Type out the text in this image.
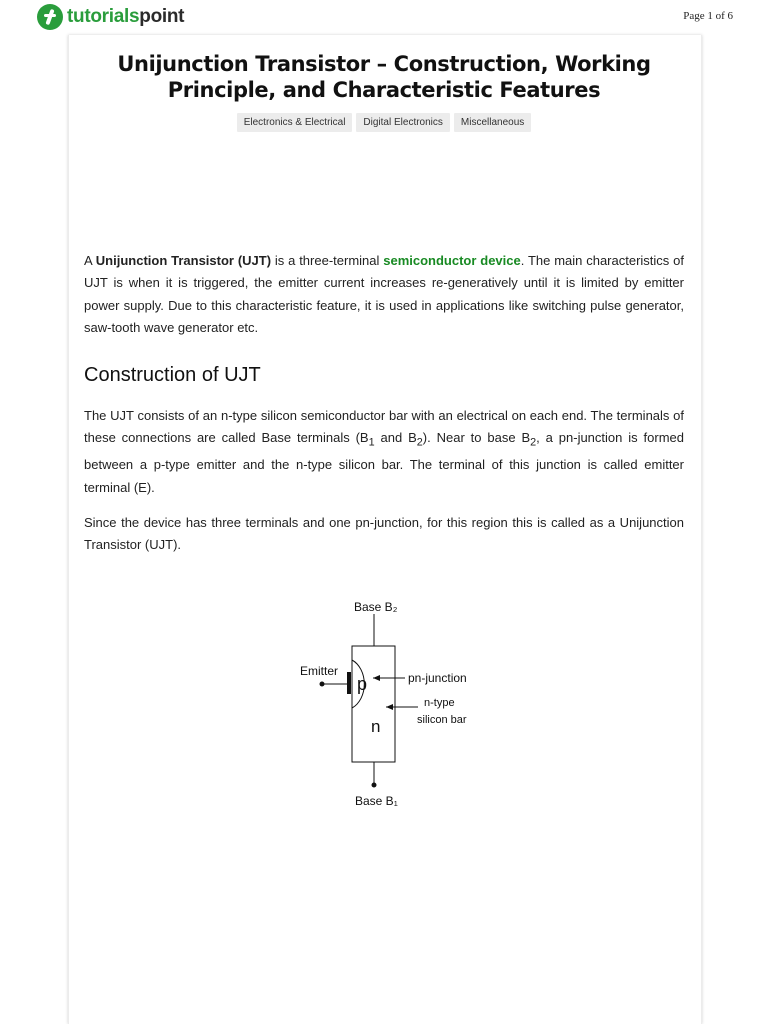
tutorialspoint	Page 1 of 6
Unijunction Transistor – Construction, Working Principle, and Characteristic Features
Electronics & Electrical	Digital Electronics	Miscellaneous
A Unijunction Transistor (UJT) is a three-terminal semiconductor device. The main characteristics of UJT is when it is triggered, the emitter current increases re-generatively until it is limited by emitter power supply. Due to this characteristic feature, it is used in applications like switching pulse generator, saw-tooth wave generator etc.
Construction of UJT
The UJT consists of an n-type silicon semiconductor bar with an electrical on each end. The terminals of these connections are called Base terminals ($B_1$ and $B_2$). Near to base $B_2$, a pn-junction is formed between a p-type emitter and the n-type silicon bar. The terminal of this junction is called emitter terminal (E).
Since the device has three terminals and one pn-junction, for this region this is called as a Unijunction Transistor (UJT).
Base B₂
Emitter
p
n
pn-junction
n-type
silicon bar
Base B₁
